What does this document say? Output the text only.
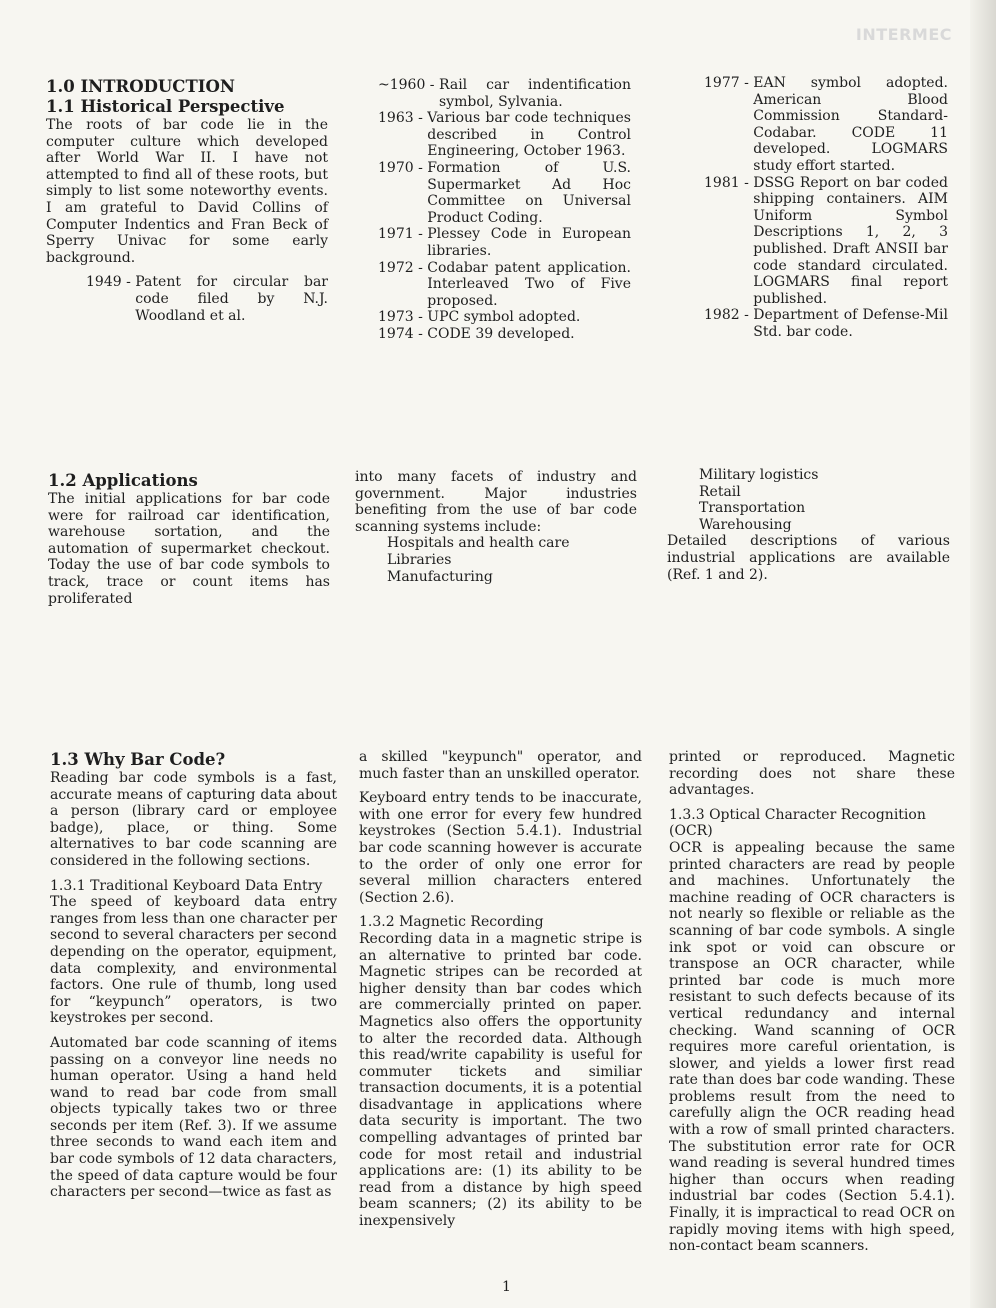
INTERMEC

1.0 INTRODUCTION

1.1 Historical Perspective

The roots of bar code lie in the computer culture which developed after World War II. I have not attempted to find all of these roots, but simply to list some noteworthy events. I am grateful to David Collins of Computer Indentics and Fran Beck of Sperry Univac for some early background.

1949 - Patent for circular bar code filed by N.J. Woodland et al.
~1960 - Rail car indentification symbol, Sylvania.
1963 - Various bar code techniques described in Control Engineering, October 1963.
1970 - Formation of U.S. Supermarket Ad Hoc Committee on Universal Product Coding.
1971 - Plessey Code in European libraries.
1972 - Codabar patent application. Interleaved Two of Five proposed.
1973 - UPC symbol adopted.
1974 - CODE 39 developed.
1977 - EAN symbol adopted. American Blood Commission Standard-Codabar. CODE 11 developed. LOGMARS study effort started.
1981 - DSSG Report on bar coded shipping containers. AIM Uniform Symbol Descriptions 1, 2, 3 published. Draft ANSII bar code standard circulated. LOGMARS final report published.
1982 - Department of Defense-Mil Std. bar code.

1.2 Applications

The initial applications for bar code were for railroad car identification, warehouse sortation, and the automation of supermarket checkout. Today the use of bar code symbols to track, trace or count items has proliferated

into many facets of industry and government. Major industries benefiting from the use of bar code scanning systems include:

Hospitals and health care

Libraries

Manufacturing

Military logistics

Retail

Transportation

Warehousing

Detailed descriptions of various industrial applications are available (Ref. 1 and 2).

1.3 Why Bar Code?

Reading bar code symbols is a fast, accurate means of capturing data about a person (library card or employee badge), place, or thing. Some alternatives to bar code scanning are considered in the following sections.

1.3.1 Traditional Keyboard Data Entry

The speed of keyboard data entry ranges from less than one character per second to several characters per second depending on the operator, equipment, data complexity, and environmental factors. One rule of thumb, long used for “keypunch” operators, is two keystrokes per second.

Automated bar code scanning of items passing on a conveyor line needs no human operator. Using a hand held wand to read bar code from small objects typically takes two or three seconds per item (Ref. 3). If we assume three seconds to wand each item and bar code symbols of 12 data characters, the speed of data capture would be four characters per second—twice as fast as

a skilled "keypunch" operator, and much faster than an unskilled operator.

Keyboard entry tends to be inaccurate, with one error for every few hundred keystrokes (Section 5.4.1). Industrial bar code scanning however is accurate to the order of only one error for several million characters entered (Section 2.6).

1.3.2 Magnetic Recording

Recording data in a magnetic stripe is an alternative to printed bar code. Magnetic stripes can be recorded at higher density than bar codes which are commercially printed on paper. Magnetics also offers the opportunity to alter the recorded data. Although this read/write capability is useful for commuter tickets and similiar transaction documents, it is a potential disadvantage in applications where data security is important. The two compelling advantages of printed bar code for most retail and industrial applications are: (1) its ability to be read from a distance by high speed beam scanners; (2) its ability to be inexpensively

printed or reproduced. Magnetic recording does not share these advantages.

1.3.3 Optical Character Recognition (OCR)

OCR is appealing because the same printed characters are read by people and machines. Unfortunately the machine reading of OCR characters is not nearly so flexible or reliable as the scanning of bar code symbols. A single ink spot or void can obscure or transpose an OCR character, while printed bar code is much more resistant to such defects because of its vertical redundancy and internal checking. Wand scanning of OCR requires more careful orientation, is slower, and yields a lower first read rate than does bar code wanding. These problems result from the need to carefully align the OCR reading head with a row of small printed characters. The substitution error rate for OCR wand reading is several hundred times higher than occurs when reading industrial bar codes (Section 5.4.1). Finally, it is impractical to read OCR on rapidly moving items with high speed, non-contact beam scanners.

1
